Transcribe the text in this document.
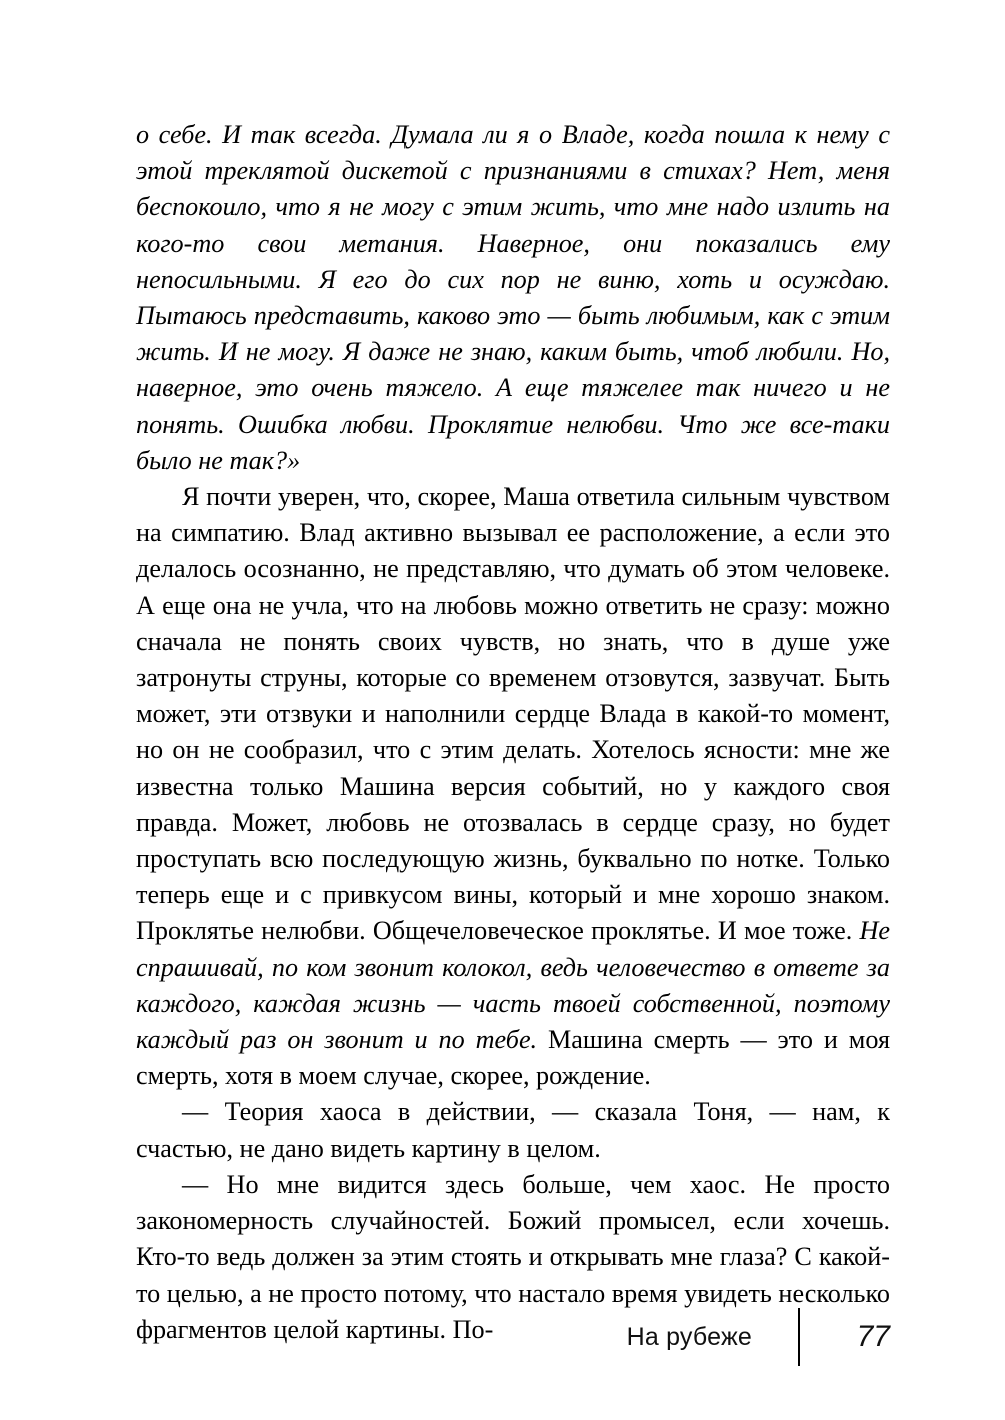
о себе. И так всегда. Думала ли я о Владе, когда пошла к нему с этой треклятой дискетой с признаниями в стихах? Нет, меня беспокоило, что я не могу с этим жить, что мне надо излить на кого-то свои метания. Наверное, они показались ему непосильными. Я его до сих пор не виню, хоть и осуждаю. Пытаюсь представить, каково это — быть любимым, как с этим жить. И не могу. Я даже не знаю, каким быть, чтоб любили. Но, наверное, это очень тяжело. А еще тяжелее так ничего и не понять. Ошибка любви. Проклятие нелюбви. Что же все-таки было не так?»

Я почти уверен, что, скорее, Маша ответила сильным чувством на симпатию. Влад активно вызывал ее расположение, а если это делалось осознанно, не представляю, что думать об этом человеке. А еще она не учла, что на любовь можно ответить не сразу: можно сначала не понять своих чувств, но знать, что в душе уже затронуты струны, которые со временем отзовутся, зазвучат. Быть может, эти отзвуки и наполнили сердце Влада в какой-то момент, но он не сообразил, что с этим делать. Хотелось ясности: мне же известна только Машина версия событий, но у каждого своя правда. Может, любовь не отозвалась в сердце сразу, но будет проступать всю последующую жизнь, буквально по нотке. Только теперь еще и с привкусом вины, который и мне хорошо знаком. Проклятье нелюбви. Общечеловеческое проклятье. И мое тоже. Не спрашивай, по ком звонит колокол, ведь человечество в ответе за каждого, каждая жизнь — часть твоей собственной, поэтому каждый раз он звонит и по тебе. Машина смерть — это и моя смерть, хотя в моем случае, скорее, рождение.

— Теория хаоса в действии, — сказала Тоня, — нам, к счастью, не дано видеть картину в целом.

— Но мне видится здесь больше, чем хаос. Не просто закономерность случайностей. Божий промысел, если хочешь. Кто-то ведь должен за этим стоять и открывать мне глаза? С какой-то целью, а не просто потому, что настало время увидеть несколько фрагментов целой картины. По-	На рубеже	77
